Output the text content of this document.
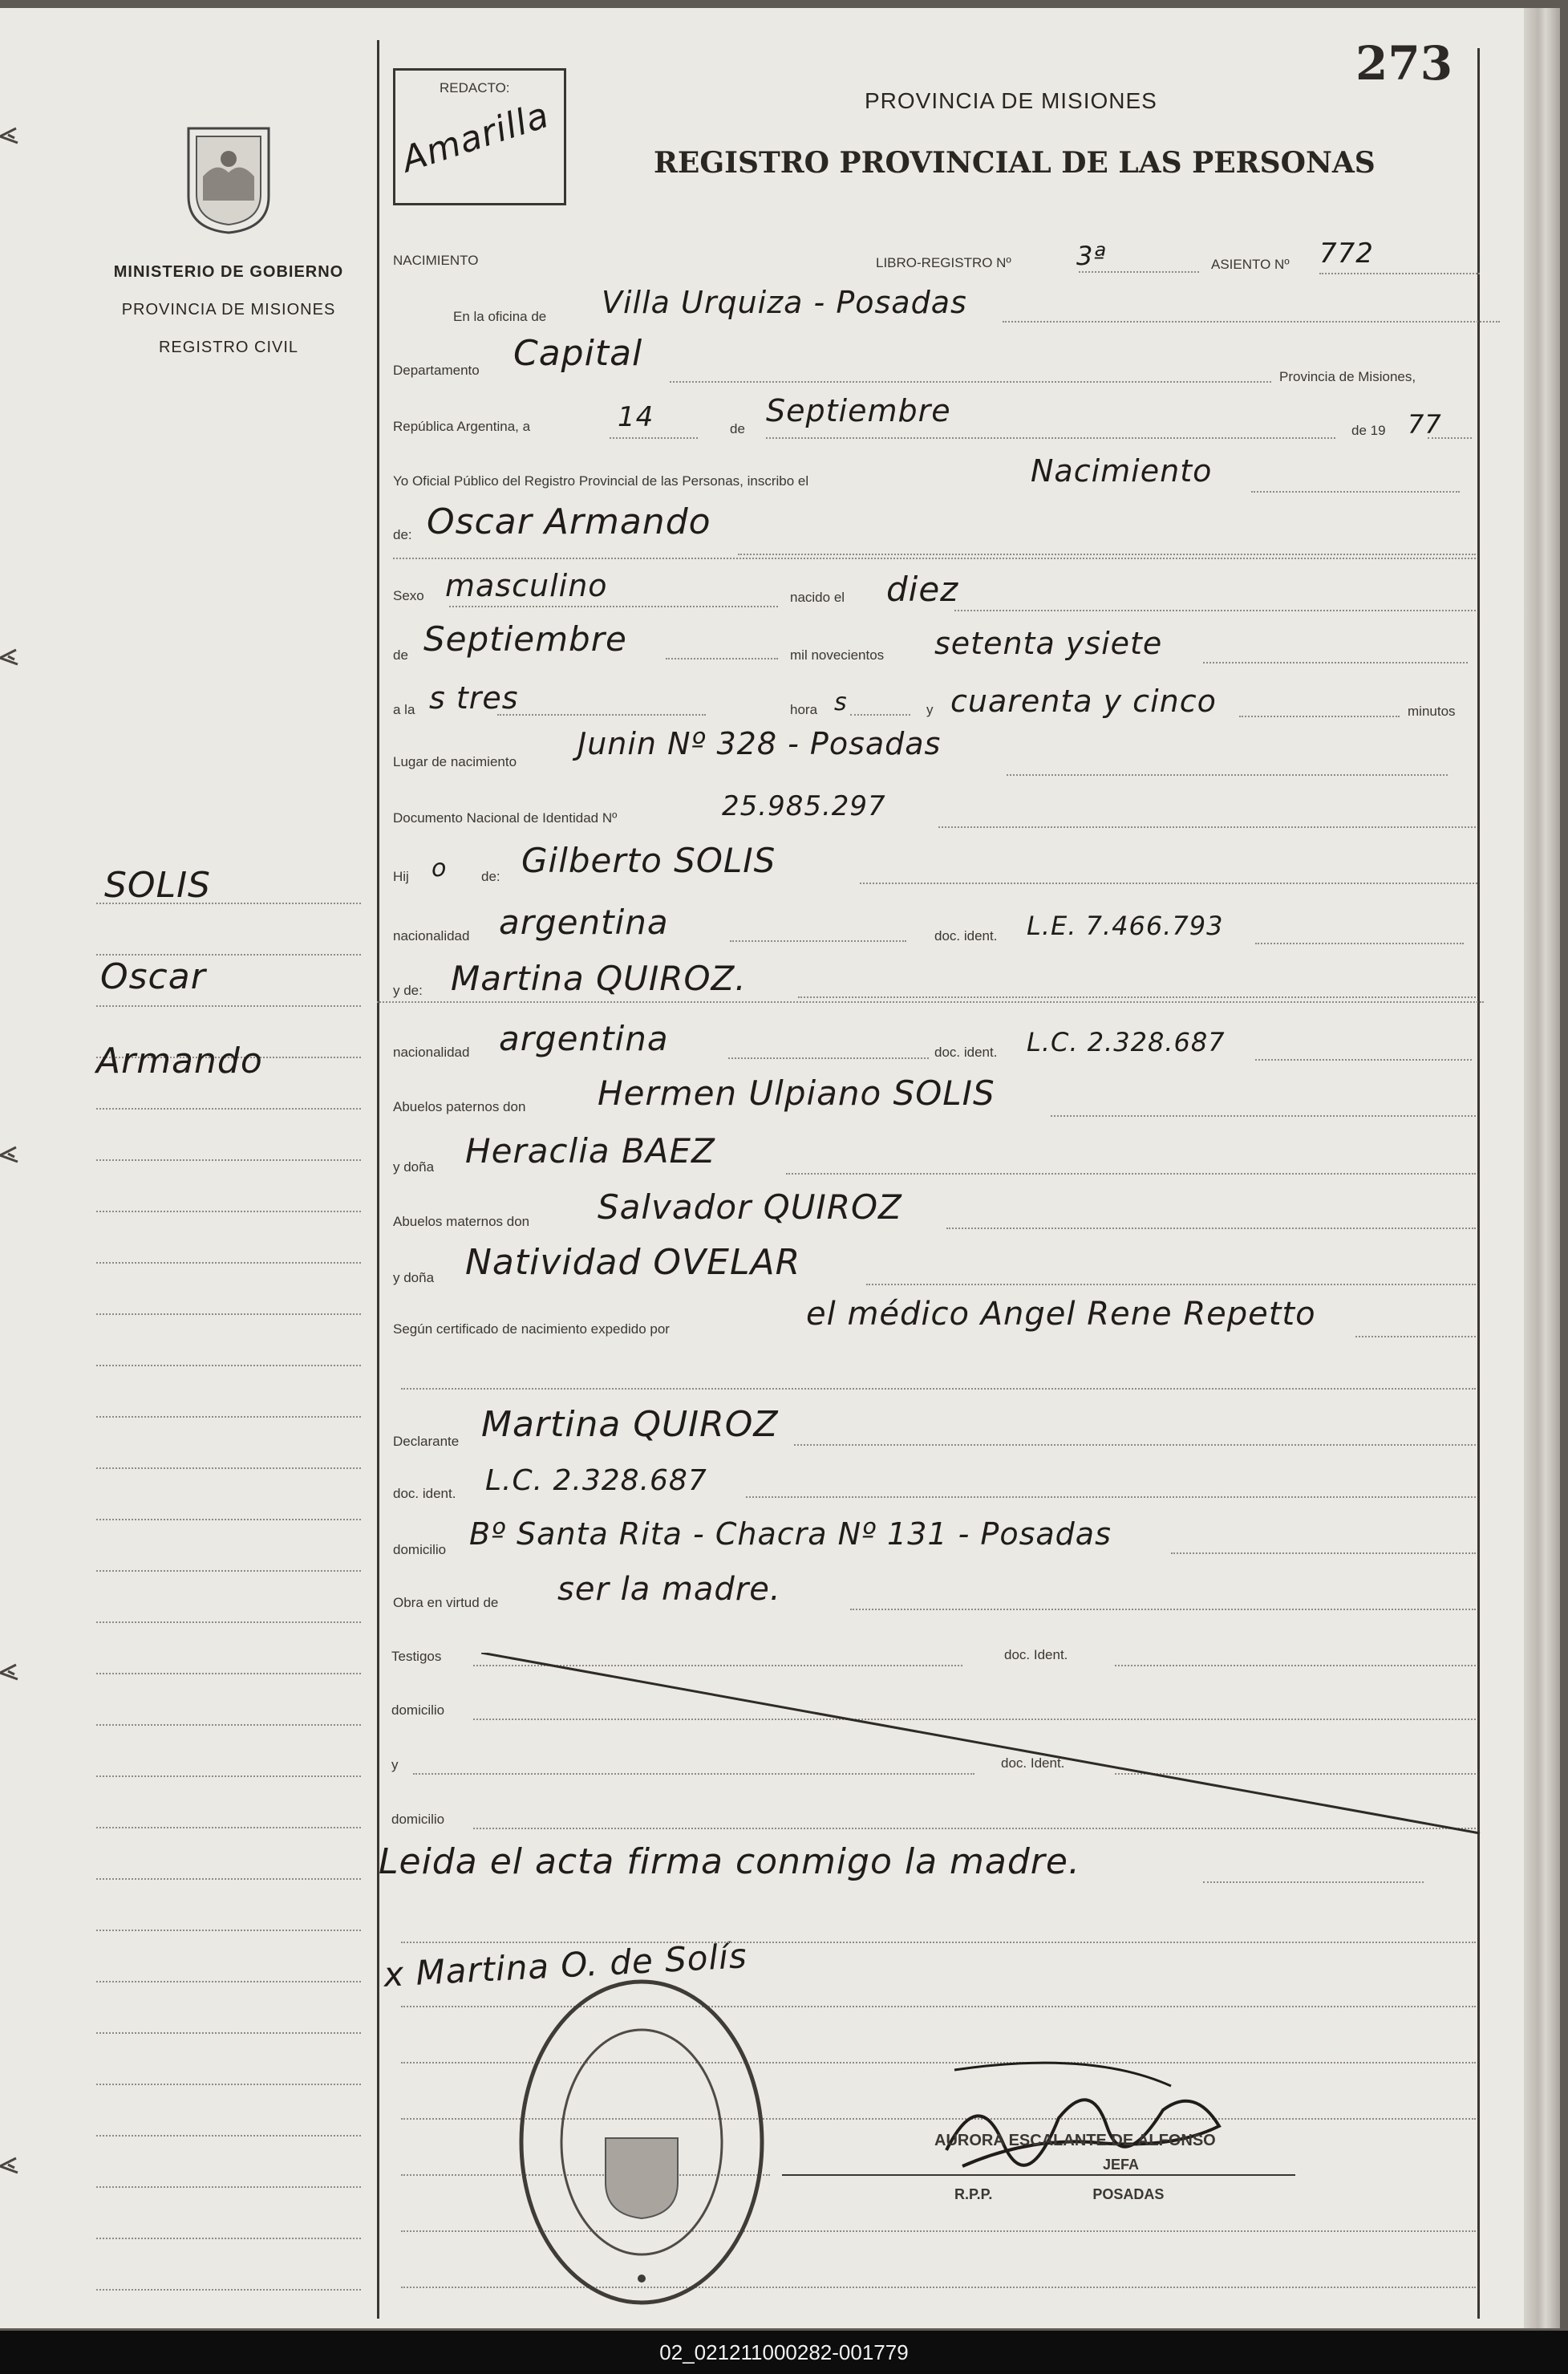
MINISTERIO DE GOBIERNO
PROVINCIA DE MISIONES
REGISTRO CIVIL
SOLIS
Oscar
Armando
REDACTO:
Amarilla
273
PROVINCIA DE MISIONES
REGISTRO PROVINCIAL DE LAS PERSONAS
NACIMIENTO	LIBRO-REGISTRO Nº	3ª	ASIENTO Nº 772
En la oficina de Villa Urquiza - Posadas
Departamento Capital
Provincia de Misiones,
República Argentina, a	14	de
Septiembre
de 19 77
Yo Oficial Público del Registro Provincial de las Personas, inscribo el	Nacimiento
de: Oscar Armando
Sexo masculino	nacido el diez
de Septiembre	mil novecientos setenta ysiete
a la s tres	hora s	y cuarenta y cinco	minutos
Lugar de nacimiento
Junin Nº 328 - Posadas
Documento Nacional de Identidad Nº	25.985.297
Hij o	de: Gilberto SOLIS
nacionalidad argentina	doc. ident. L.E. 7.466.793
y de: Martina QUIROZ.
nacionalidad argentina	doc. ident. L.C. 2.328.687
Abuelos paternos don Hermen Ulpiano SOLIS
y doña Heraclia BAEZ
Abuelos maternos don Salvador QUIROZ
y doña Natividad OVELAR
Según certificado de nacimiento expedido por	el médico Angel Rene Repetto
Declarante Martina QUIROZ
doc. ident. L.C. 2.328.687
domicilio Bº Santa Rita - Chacra Nº 131 - Posadas
Obra en virtud de ser la madre.
Testigos	doc. Ident.
domicilio
y	doc. Ident.
domicilio
Leida el acta firma conmigo la madre.
x Martina O. de Solís
AURORA ESCALANTE DE ALFONSO
JEFA
R.P.P. POSADAS
02_021211000282-001779
